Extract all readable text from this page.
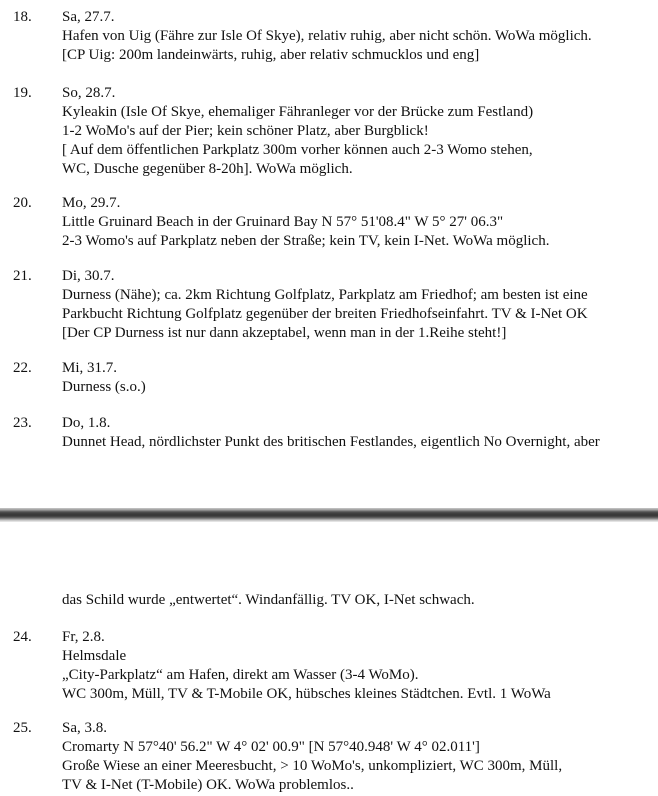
18. Sa, 27.7.
Hafen von Uig (Fähre zur Isle Of Skye), relativ ruhig, aber nicht schön. WoWa möglich.
[CP Uig: 200m landeinwärts, ruhig, aber relativ schmucklos und eng]
19. So, 28.7.
Kyleakin (Isle Of Skye, ehemaliger Fähranleger vor der Brücke zum Festland)
1-2 WoMo's auf der Pier; kein schöner Platz, aber Burgblick!
[ Auf dem öffentlichen Parkplatz 300m vorher können auch 2-3 Womo stehen,
WC, Dusche gegenüber 8-20h]. WoWa möglich.
20. Mo, 29.7.
Little Gruinard Beach in der Gruinard Bay N 57° 51'08.4" W 5° 27' 06.3"
2-3 Womo's auf Parkplatz neben der Straße; kein TV, kein I-Net. WoWa möglich.
21. Di, 30.7.
Durness (Nähe); ca. 2km Richtung Golfplatz, Parkplatz am Friedhof; am besten ist eine
Parkbucht Richtung Golfplatz gegenüber der breiten Friedhofseinfahrt. TV & I-Net OK
[Der CP Durness ist nur dann akzeptabel, wenn man in der 1.Reihe steht!]
22. Mi, 31.7.
Durness (s.o.)
23. Do, 1.8.
Dunnet Head, nördlichster Punkt des britischen Festlandes, eigentlich No Overnight, aber
das Schild wurde „entwertet“. Windanfällig. TV OK, I-Net schwach.
24. Fr, 2.8.
Helmsdale
„City-Parkplatz“ am Hafen, direkt am Wasser (3-4 WoMo).
WC 300m, Müll, TV & T-Mobile OK, hübsches kleines Städtchen. Evtl. 1 WoWa
25. Sa, 3.8.
Cromarty N 57°40' 56.2" W 4° 02' 00.9" [N 57°40.948' W 4° 02.011']
Große Wiese an einer Meeresbucht, > 10 WoMo's, unkompliziert, WC 300m, Müll,
TV & I-Net (T-Mobile) OK. WoWa problemlos..
